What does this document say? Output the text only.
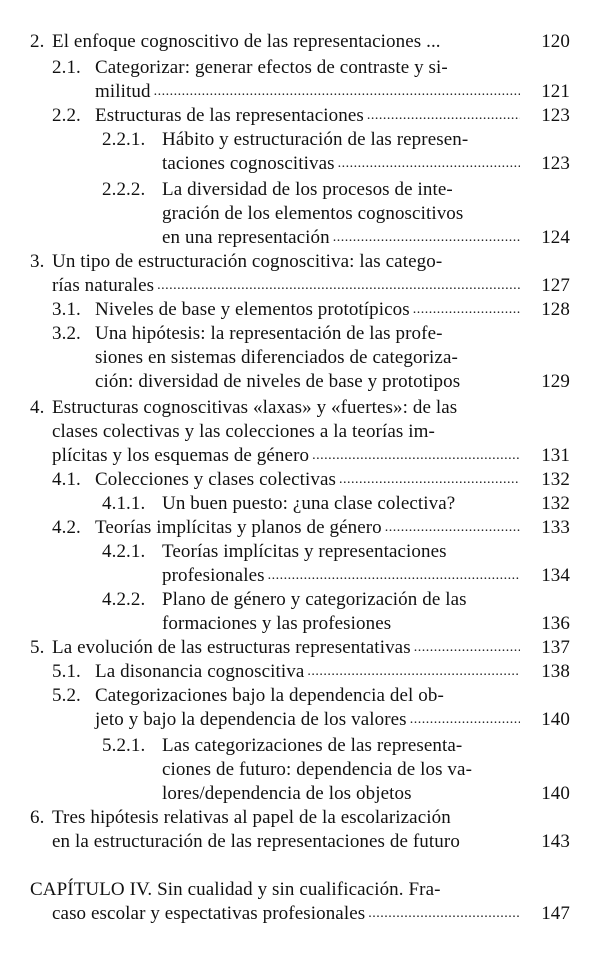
2. El enfoque cognoscitivo de las representaciones ...	120
2.1. Categorizar: generar efectos de contraste y si-
militud . . .	121
2.2. Estructuras de las representaciones . . .	123
2.2.1. Hábito y estructuración de las represen-
taciones cognoscitivas . . .	123
2.2.2. La diversidad de los procesos de inte-
gración de los elementos cognoscitivos
en una representación . . .	124
3. Un tipo de estructuración cognoscitiva: las catego-
rías naturales . . .	127
3.1. Niveles de base y elementos prototípicos . . .	128
3.2. Una hipótesis: la representación de las profe-
siones en sistemas diferenciados de categoriza-
ción: diversidad de niveles de base y prototipos	129
4. Estructuras cognoscitivas «laxas» y «fuertes»: de las
clases colectivas y las colecciones a la teorías im-
plícitas y los esquemas de género . . .	131
4.1. Colecciones y clases colectivas . . .	132
4.1.1. Un buen puesto: ¿una clase colectiva?	132
4.2. Teorías implícitas y planos de género . . .	133
4.2.1. Teorías implícitas y representaciones
profesionales . . .	134
4.2.2. Plano de género y categorización de las
formaciones y las profesiones	136
5. La evolución de las estructuras representativas . . .	137
5.1. La disonancia cognoscitiva . . .	138
5.2. Categorizaciones bajo la dependencia del ob-
jeto y bajo la dependencia de los valores . . .	140
5.2.1. Las categorizaciones de las representa-
ciones de futuro: dependencia de los va-
lores/dependencia de los objetos	140
6. Tres hipótesis relativas al papel de la escolarización
en la estructuración de las representaciones de futuro	143
CAPÍTULO IV. Sin cualidad y sin cualificación. Fra-
caso escolar y espectativas profesionales . . .	147
